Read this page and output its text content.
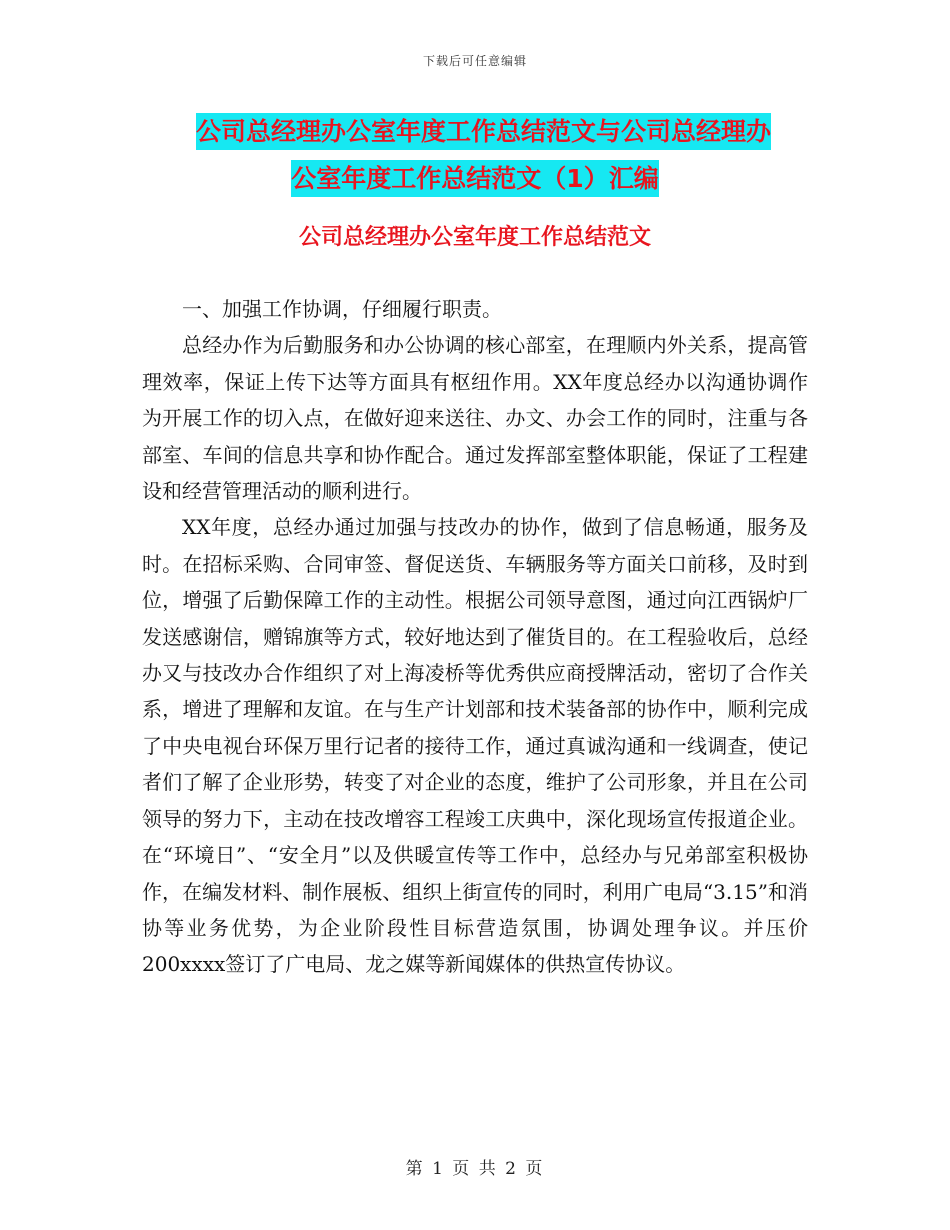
下载后可任意编辑
公司总经理办公室年度工作总结范文与公司总经理办
公室年度工作总结范文（1）汇编
公司总经理办公室年度工作总结范文

一、加强工作协调，仔细履行职责。

总经办作为后勤服务和办公协调的核心部室，在理顺内外关系，提高管理效率，保证上传下达等方面具有枢纽作用。XX年度总经办以沟通协调作为开展工作的切入点，在做好迎来送往、办文、办会工作的同时，注重与各部室、车间的信息共享和协作配合。通过发挥部室整体职能，保证了工程建设和经营管理活动的顺利进行。

XX年度，总经办通过加强与技改办的协作，做到了信息畅通，服务及时。在招标采购、合同审签、督促送货、车辆服务等方面关口前移，及时到位，增强了后勤保障工作的主动性。根据公司领导意图，通过向江西锅炉厂发送感谢信，赠锦旗等方式，较好地达到了催货目的。在工程验收后，总经办又与技改办合作组织了对上海凌桥等优秀供应商授牌活动，密切了合作关系，增进了理解和友谊。在与生产计划部和技术装备部的协作中，顺利完成了中央电视台环保万里行记者的接待工作，通过真诚沟通和一线调查，使记者们了解了企业形势，转变了对企业的态度，维护了公司形象，并且在公司领导的努力下，主动在技改增容工程竣工庆典中，深化现场宣传报道企业。在“环境日”、“安全月”以及供暖宣传等工作中，总经办与兄弟部室积极协作，在编发材料、制作展板、组织上街宣传的同时，利用广电局“3.15”和消协等业务优势，为企业阶段性目标营造氛围，协调处理争议。并压价200xxxx签订了广电局、龙之媒等新闻媒体的供热宣传协议。

第 1 页 共 2 页
